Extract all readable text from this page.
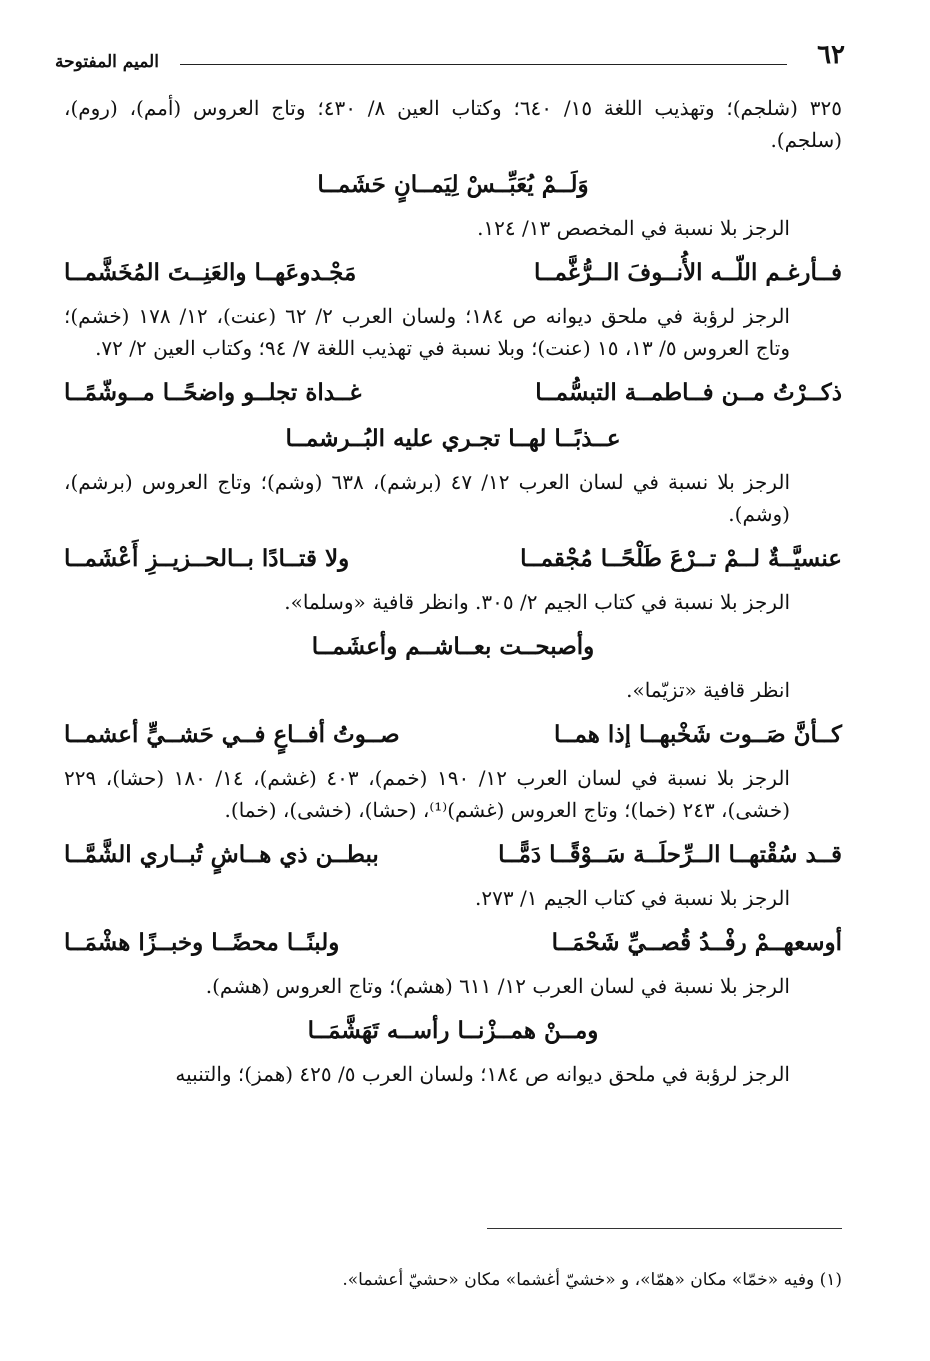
٦٢
الميم المفتوحة

٣٢٥ (شلجم)؛ وتهذيب اللغة ١٥/ ٦٤٠؛ وكتاب العين ٨/ ٤٣٠؛ وتاج العروس (أمم)، (روم)، (سلجم).

وَلَــمْ يُعَبِّــسْ لِيَمــانٍ حَشَمــا

الرجز بلا نسبة في المخصص ١٣/ ١٢٤.

فــأرغـم اللّــه الأُنــوفَ الــرُّغَّمــا
مَجْـدوعَهــا والعَنِــتَ المُخَشَّمــا

الرجز لرؤبة في ملحق ديوانه ص ١٨٤؛ ولسان العرب ٢/ ٦٢ (عنت)، ١٢/ ١٧٨ (خشم)؛ وتاج العروس ٥/ ١٣، ١٥ (عنت)؛ وبلا نسبة في تهذيب اللغة ٧/ ٩٤؛ وكتاب العين ٢/ ٧٢.

ذكــرْتُ مــن فــاطمــة التبسُّمــا
غــداة تجلــو واضحًــا مــوشّمًــا
عــذبًــا لهــا تجـري عليه البُــرشمــا

الرجز بلا نسبة في لسان العرب ١٢/ ٤٧ (برشم)، ٦٣٨ (وشم)؛ وتاج العروس (برشم)، (وشم).

عنسيَّــةٌ لــمْ تــرْعَ طَلْحًــا مُجْقمــا
ولا قتــادًا بــالحــزيــزِ أَعْشَمــا

الرجز بلا نسبة في كتاب الجيم ٢/ ٣٠٥. وانظر قافية «وسلما».

وأصبحــت بعــاشــم وأعشَمــا

انظر قافية «تزيّما».

كــأنَّ صَــوت شَخْبهــا إذا همــا
صــوتُ أفــاعٍ فــي حَشــيٍّ أعشمــا

الرجز بلا نسبة في لسان العرب ١٢/ ١٩٠ (خمم)، ٤٠٣ (غشم)، ١٤/ ١٨٠ (حشا)، ٢٢٩ (خشى)، ٢٤٣ (خما)؛ وتاج العروس (غشم)⁽¹⁾، (حشا)، (خشى)، (خما).

قــد سُقْتهــا الــرِّحلَــة سَــوْقًــا دَمًّــا
ببطــن ذي هــاشٍ تُبــاري الشَّمَّــا

الرجز بلا نسبة في كتاب الجيم ١/ ٢٧٣.

أوسعهــمْ رفْــدُ قُصــيِّ شَحْمَــا
ولبنًــا محضًــا وخبــزًا هشْمَــا

الرجز بلا نسبة في لسان العرب ١٢/ ٦١١ (هشم)؛ وتاج العروس (هشم).

ومــنْ همــزْنــا رأســه تَهَشَّمَــا

الرجز لرؤبة في ملحق ديوانه ص ١٨٤؛ ولسان العرب ٥/ ٤٢٥ (همز)؛ والتنبيه

(١) وفيه «خمّا» مكان «همّا»، و «خشيّ أغشما» مكان «حشيّ أعشما».
